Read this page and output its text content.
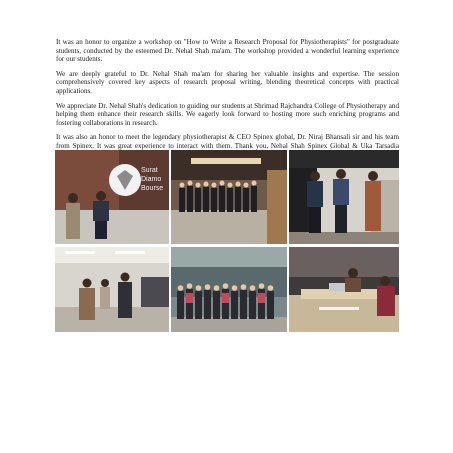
It was an honor to organize a workshop on "How to Write a Research Proposal for Physiotherapists" for postgraduate students, conducted by the esteemed Dr. Nehal Shah ma'am. The workshop provided a wonderful learning experience for our students.

We are deeply grateful to Dr. Nehal Shah ma'am for sharing her valuable insights and expertise. The session comprehensively covered key aspects of research proposal writing, blending theoretical concepts with practical applications.

We appreciate Dr. Nehal Shah's dedication to guiding our students at Shrimad Rajchandra College of Physiotherapy and helping them enhance their research skills. We eagerly look forward to hosting more such enriching programs and fostering collaborations in research.

It was also an honor to meet the legendary physiotherapist & CEO Spinex global, Dr. Niraj Bhansali sir and his team from Spinex. It was great experience to interact with them. Thank you, Nehal Shah Spinex Global & Uka Tarsadia

Surat
Diamo
Bourse
